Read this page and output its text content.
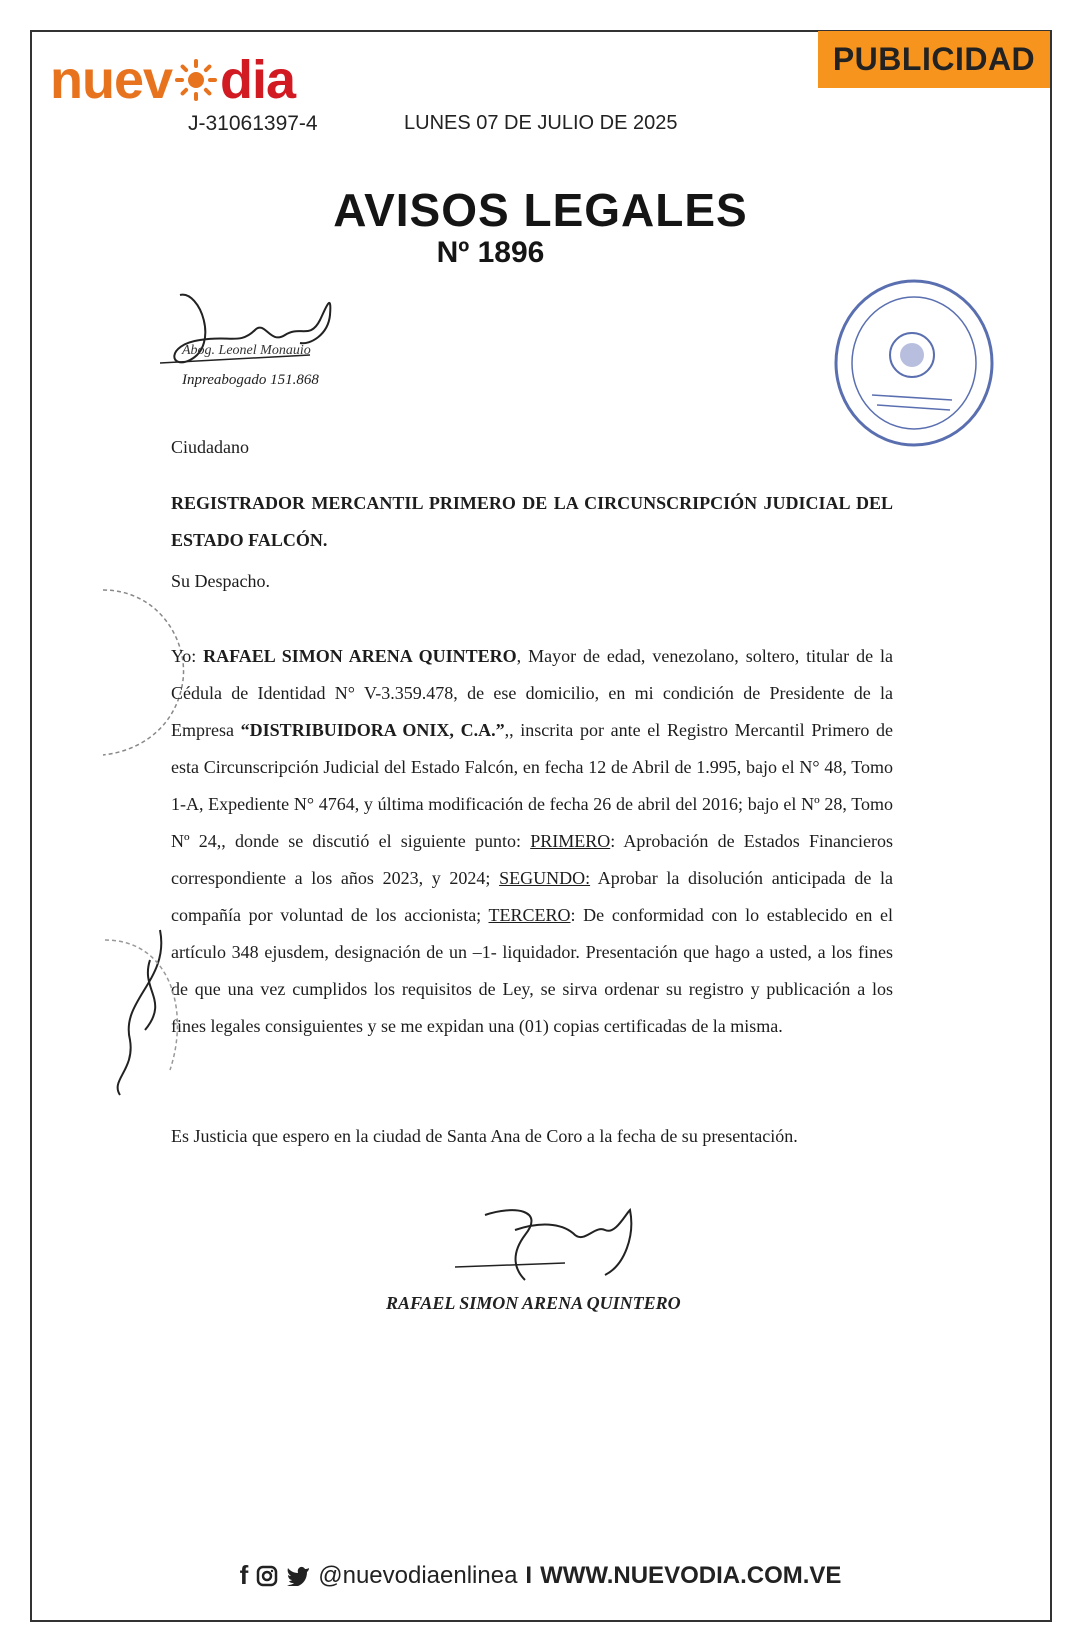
nuev dia
J-31061397-4	LUNES 07 DE JULIO DE 2025
PUBLICIDAD
AVISOS LEGALES
Nº 1896
Abog. Leonel Monauio
Inpreabogado 151.868
Ciudadano
REGISTRADOR MERCANTIL PRIMERO DE LA CIRCUNSCRIPCIÓN JUDICIAL DEL ESTADO FALCÓN.
Su Despacho.
Yo: RAFAEL SIMON ARENA QUINTERO, Mayor de edad, venezolano, soltero, titular de la Cédula de Identidad N° V-3.359.478, de ese domicilio, en mi condición de Presidente de la Empresa “DISTRIBUIDORA ONIX, C.A.”,, inscrita por ante el Registro Mercantil Primero de esta Circunscripción Judicial del Estado Falcón, en fecha 12 de Abril de 1.995, bajo el N° 48, Tomo 1-A, Expediente N° 4764, y última modificación de fecha 26 de abril del 2016; bajo el Nº 28, Tomo Nº 24,, donde se discutió el siguiente punto: PRIMERO: Aprobación de Estados Financieros correspondiente a los años 2023, y 2024; SEGUNDO: Aprobar la disolución anticipada de la compañía por voluntad de los accionista; TERCERO: De conformidad con lo establecido en el artículo 348 ejusdem, designación de un –1- liquidador. Presentación que hago a usted, a los fines de que una vez cumplidos los requisitos de Ley, se sirva ordenar su registro y publicación a los fines legales consiguientes y se me expidan una (01) copias certificadas de la misma.
Es Justicia que espero en la ciudad de Santa Ana de Coro a la fecha de su presentación.
RAFAEL SIMON ARENA QUINTERO
f	@nuevodiaenlinea I WWW.NUEVODIA.COM.VE
